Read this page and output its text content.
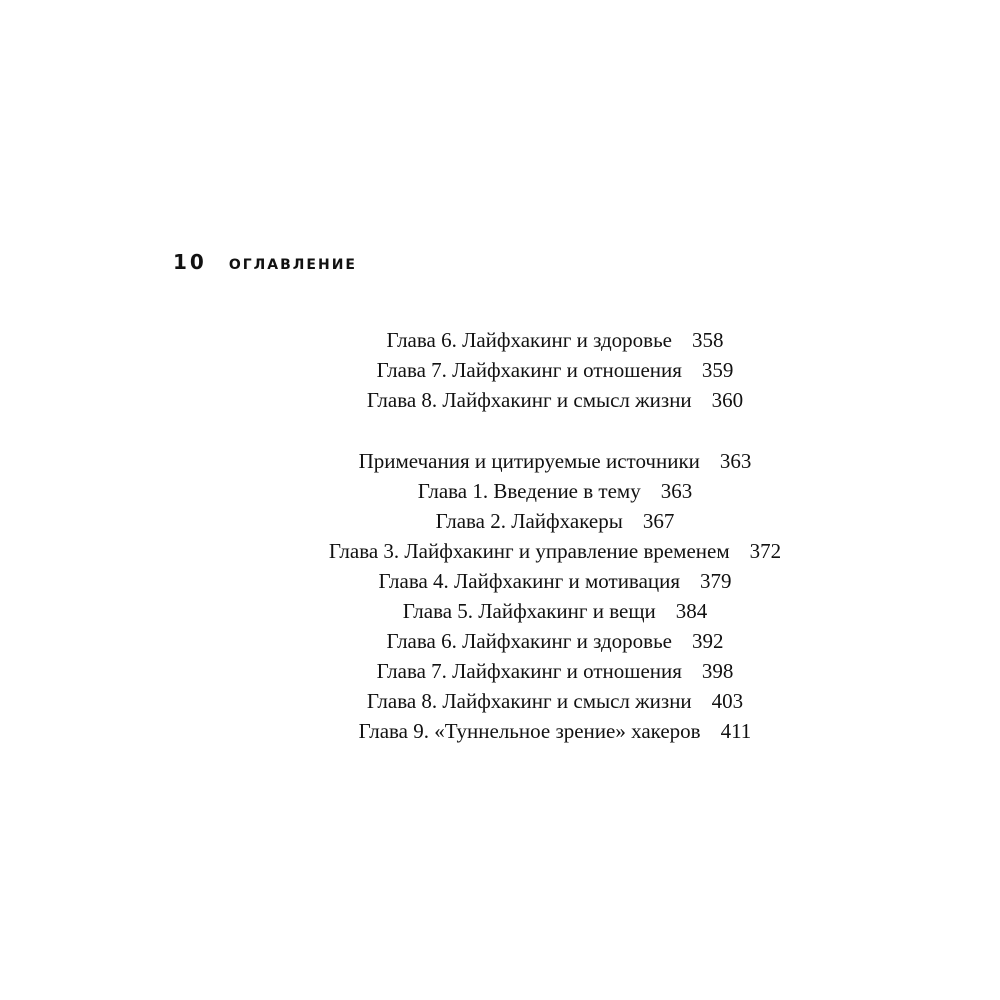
10 ОГЛАВЛЕНИЕ
Глава 6. Лайфхакинг и здоровье 358
Глава 7. Лайфхакинг и отношения 359
Глава 8. Лайфхакинг и смысл жизни 360
Примечания и цитируемые источники 363
Глава 1. Введение в тему 363
Глава 2. Лайфхакеры 367
Глава 3. Лайфхакинг и управление временем 372
Глава 4. Лайфхакинг и мотивация 379
Глава 5. Лайфхакинг и вещи 384
Глава 6. Лайфхакинг и здоровье 392
Глава 7. Лайфхакинг и отношения 398
Глава 8. Лайфхакинг и смысл жизни 403
Глава 9. «Туннельное зрение» хакеров 411
